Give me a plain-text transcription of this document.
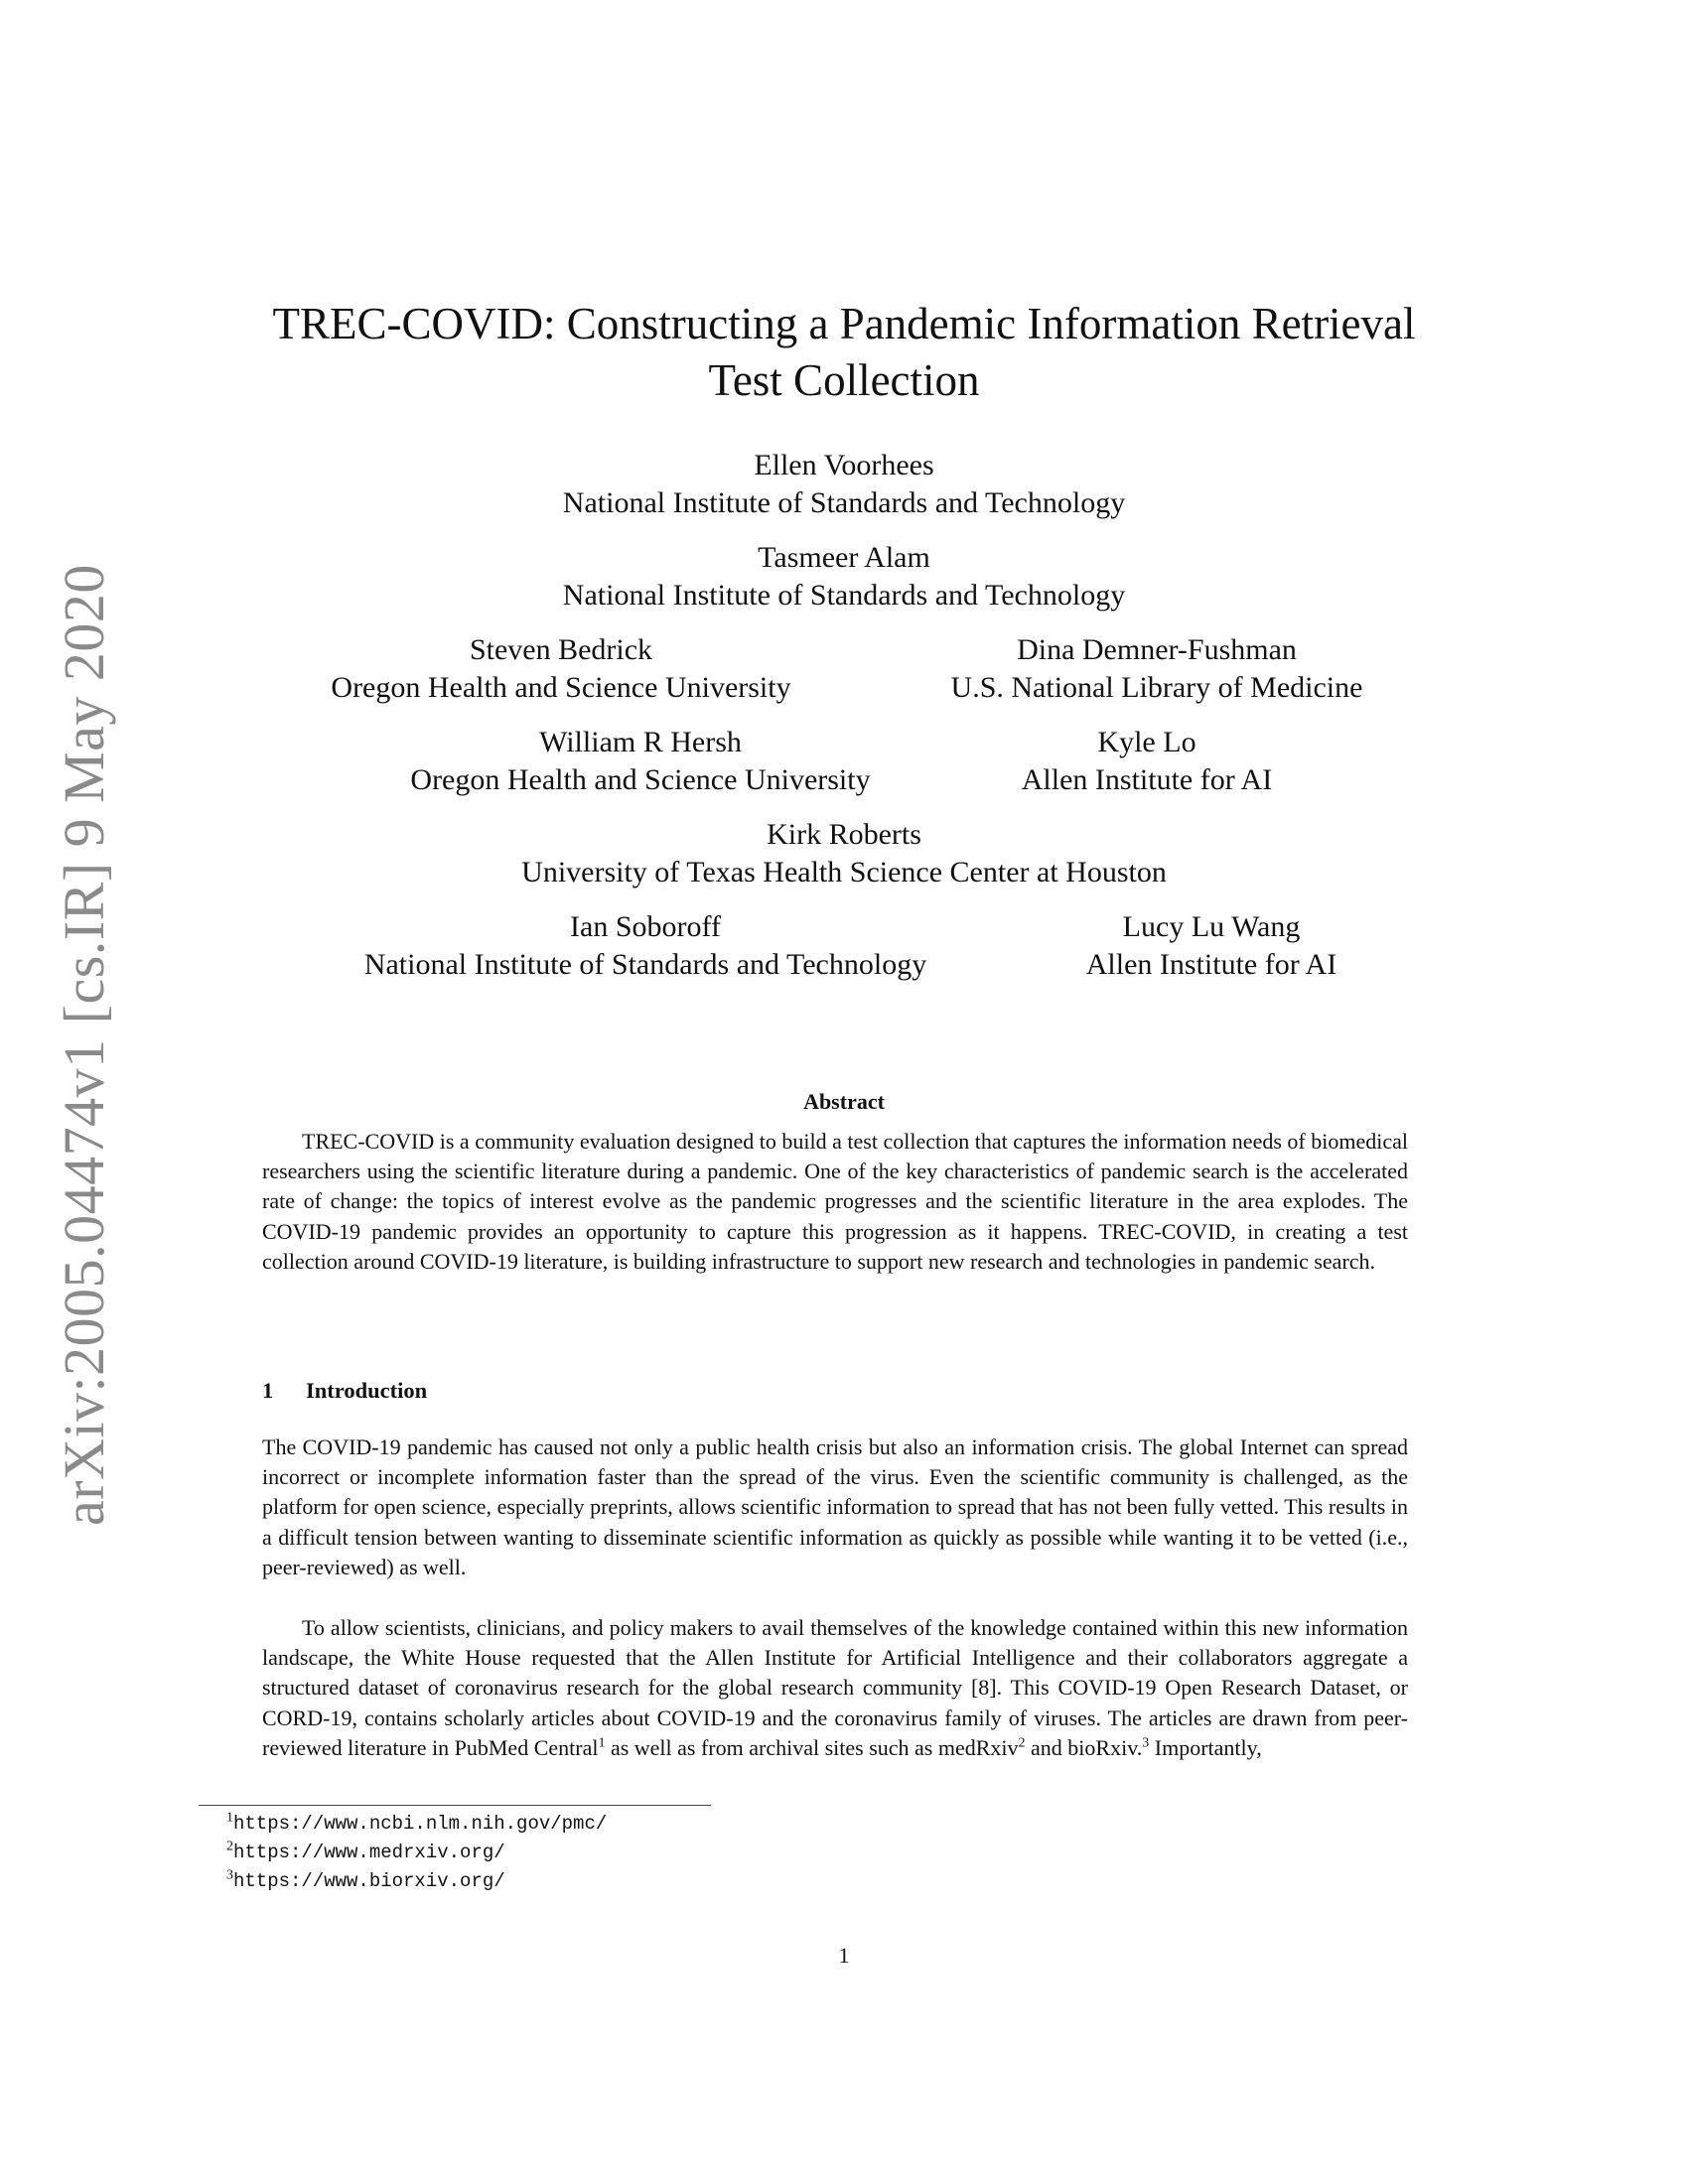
arXiv:2005.04474v1 [cs.IR] 9 May 2020
TREC-COVID: Constructing a Pandemic Information Retrieval
Test Collection
Ellen Voorhees
National Institute of Standards and Technology
Tasmeer Alam
National Institute of Standards and Technology
Steven Bedrick
Oregon Health and Science University
Dina Demner-Fushman
U.S. National Library of Medicine
William R Hersh
Oregon Health and Science University
Kyle Lo
Allen Institute for AI
Kirk Roberts
University of Texas Health Science Center at Houston
Ian Soboroff
National Institute of Standards and Technology
Lucy Lu Wang
Allen Institute for AI
Abstract

TREC-COVID is a community evaluation designed to build a test collection that captures the information needs of biomedical researchers using the scientific literature during a pandemic. One of the key characteristics of pandemic search is the accelerated rate of change: the topics of interest evolve as the pandemic progresses and the scientific literature in the area explodes. The COVID-19 pandemic provides an opportunity to capture this progression as it happens. TREC-COVID, in creating a test collection around COVID-19 literature, is building infrastructure to support new research and technologies in pandemic search.

1 Introduction

The COVID-19 pandemic has caused not only a public health crisis but also an information crisis. The global Internet can spread incorrect or incomplete information faster than the spread of the virus. Even the scientific community is challenged, as the platform for open science, especially preprints, allows scientific information to spread that has not been fully vetted. This results in a difficult tension between wanting to disseminate scientific information as quickly as possible while wanting it to be vetted (i.e., peer-reviewed) as well.

To allow scientists, clinicians, and policy makers to avail themselves of the knowledge contained within this new information landscape, the White House requested that the Allen Institute for Artificial Intelligence and their collaborators aggregate a structured dataset of coronavirus research for the global research community [8]. This COVID-19 Open Research Dataset, or CORD-19, contains scholarly articles about COVID-19 and the coronavirus family of viruses. The articles are drawn from peer-reviewed literature in PubMed Central$^1$ as well as from archival sites such as medRxiv$^2$ and bioRxiv.$^3$ Importantly,

$^1$https://www.ncbi.nlm.nih.gov/pmc/
$^2$https://www.medrxiv.org/
$^3$https://www.biorxiv.org/
1
